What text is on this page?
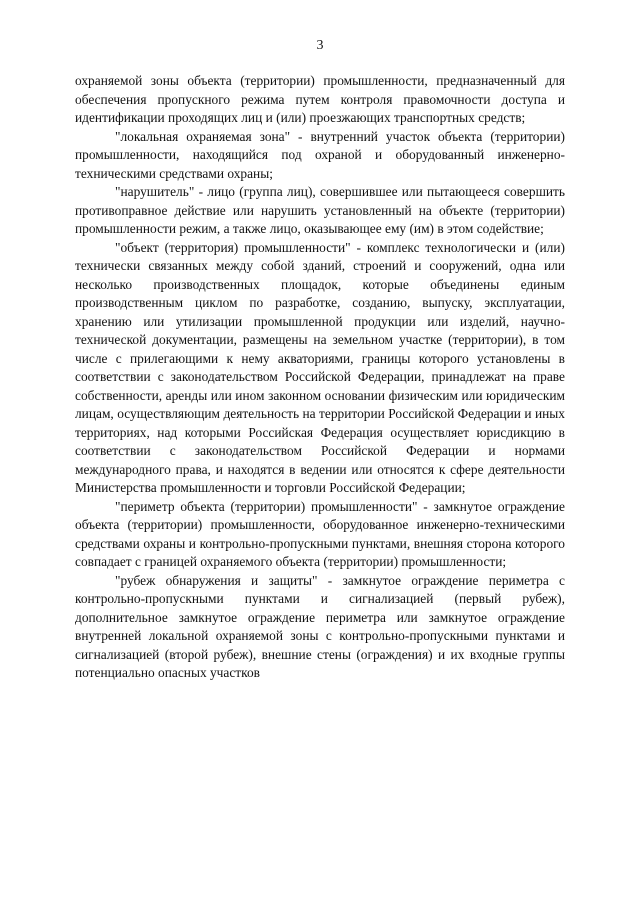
3

охраняемой зоны объекта (территории) промышленности, предназначенный для обеспечения пропускного режима путем контроля правомочности доступа и идентификации проходящих лиц и (или) проезжающих транспортных средств;

"локальная охраняемая зона" - внутренний участок объекта (территории) промышленности, находящийся под охраной и оборудованный инженерно-техническими средствами охраны;

"нарушитель" - лицо (группа лиц), совершившее или пытающееся совершить противоправное действие или нарушить установленный на объекте (территории) промышленности режим, а также лицо, оказывающее ему (им) в этом содействие;

"объект (территория) промышленности" - комплекс технологически и (или) технически связанных между собой зданий, строений и сооружений, одна или несколько производственных площадок, которые объединены единым производственным циклом по разработке, созданию, выпуску, эксплуатации, хранению или утилизации промышленной продукции или изделий, научно-технической документации, размещены на земельном участке (территории), в том числе с прилегающими к нему акваториями, границы которого установлены в соответствии с законодательством Российской Федерации, принадлежат на праве собственности, аренды или ином законном основании физическим или юридическим лицам, осуществляющим деятельность на территории Российской Федерации и иных территориях, над которыми Российская Федерация осуществляет юрисдикцию в соответствии с законодательством Российской Федерации и нормами международного права, и находятся в ведении или относятся к сфере деятельности Министерства промышленности и торговли Российской Федерации;

"периметр объекта (территории) промышленности" - замкнутое ограждение объекта (территории) промышленности, оборудованное инженерно-техническими средствами охраны и контрольно-пропускными пунктами, внешняя сторона которого совпадает с границей охраняемого объекта (территории) промышленности;

"рубеж обнаружения и защиты" - замкнутое ограждение периметра с контрольно-пропускными пунктами и сигнализацией (первый рубеж), дополнительное замкнутое ограждение периметра или замкнутое ограждение внутренней локальной охраняемой зоны с контрольно-пропускными пунктами и сигнализацией (второй рубеж), внешние стены (ограждения) и их входные группы потенциально опасных участков
